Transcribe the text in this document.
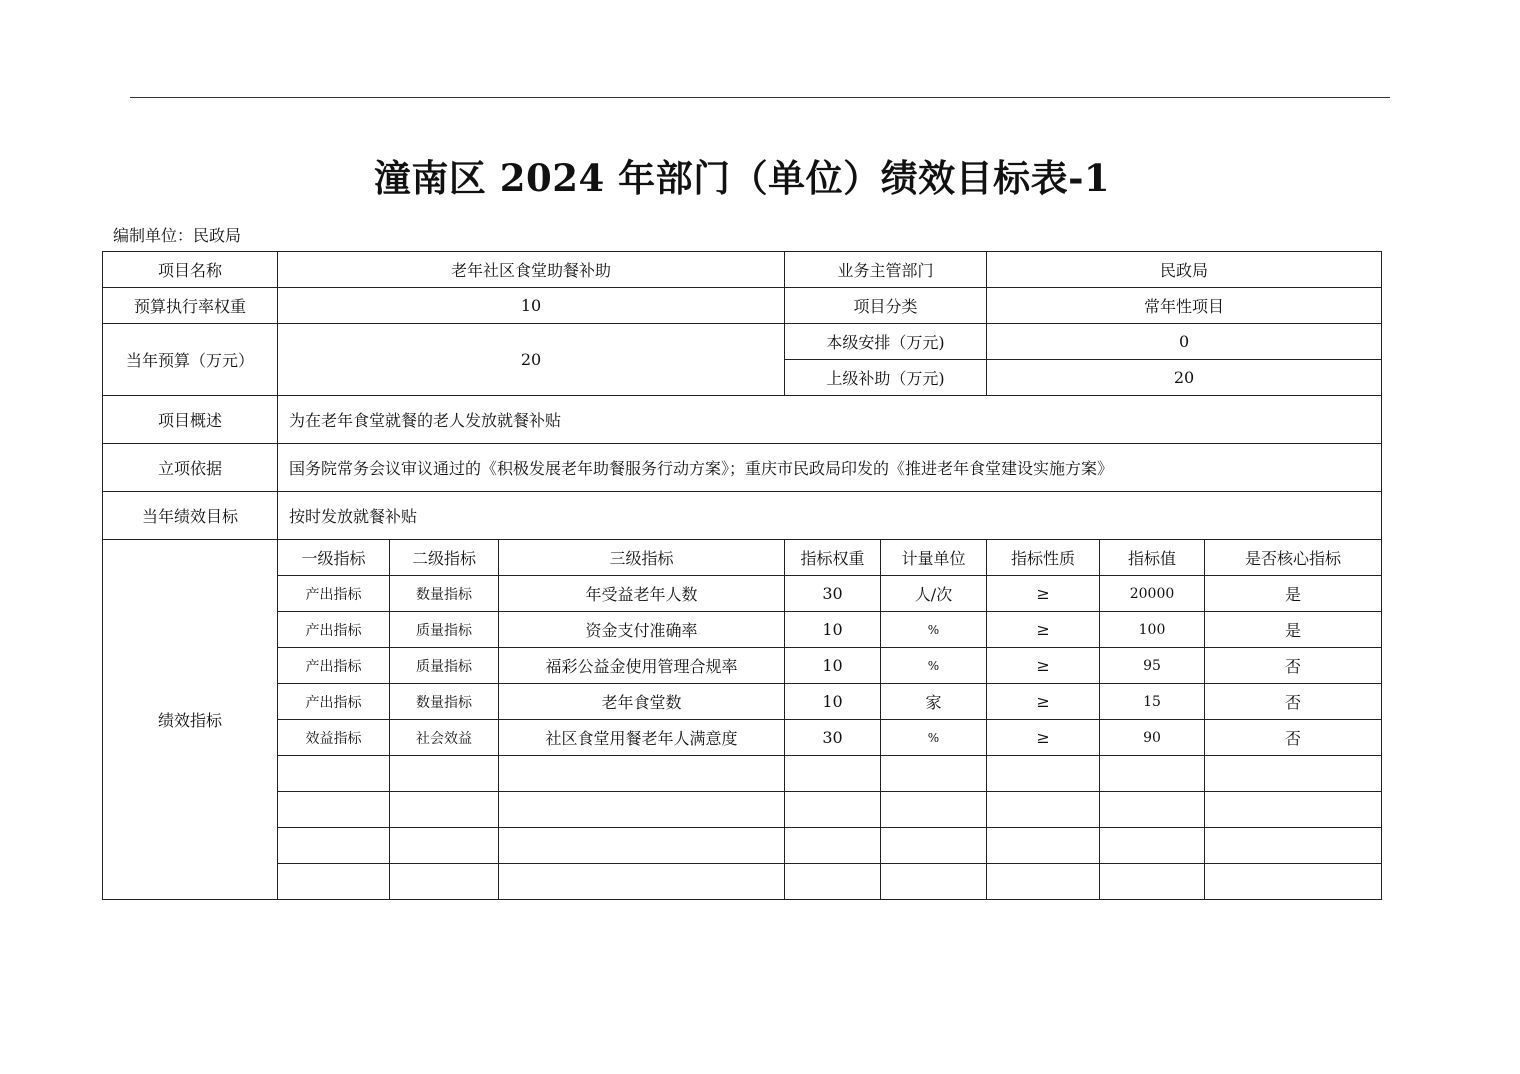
潼南区 2024 年部门（单位）绩效目标表-1
编制单位：民政局
项目名称	老年社区食堂助餐补助			业务主管部门		民政局		
预算执行率权重	10			项目分类		常年性项目		
当年预算（万元）	20			本级安排（万元)		0		
				上级补助（万元)		20		
项目概述	为在老年食堂就餐的老人发放就餐补贴							
立项依据	国务院常务会议审议通过的《积极发展老年助餐服务行动方案》；重庆市民政局印发的《推进老年食堂建设实施方案》							
当年绩效目标	按时发放就餐补贴							
绩效指标	一级指标	二级指标	三级指标	指标权重	计量单位	指标性质	指标值	是否核心指标
	产出指标	数量指标	年受益老年人数	30	人/次	≥	20000	是
	产出指标	质量指标	资金支付准确率	10	%	≥	100	是
	产出指标	质量指标	福彩公益金使用管理合规率	10	%	≥	95	否
	产出指标	数量指标	老年食堂数	10	家	≥	15	否
	效益指标	社会效益	社区食堂用餐老年人满意度	30	%	≥	90	否
